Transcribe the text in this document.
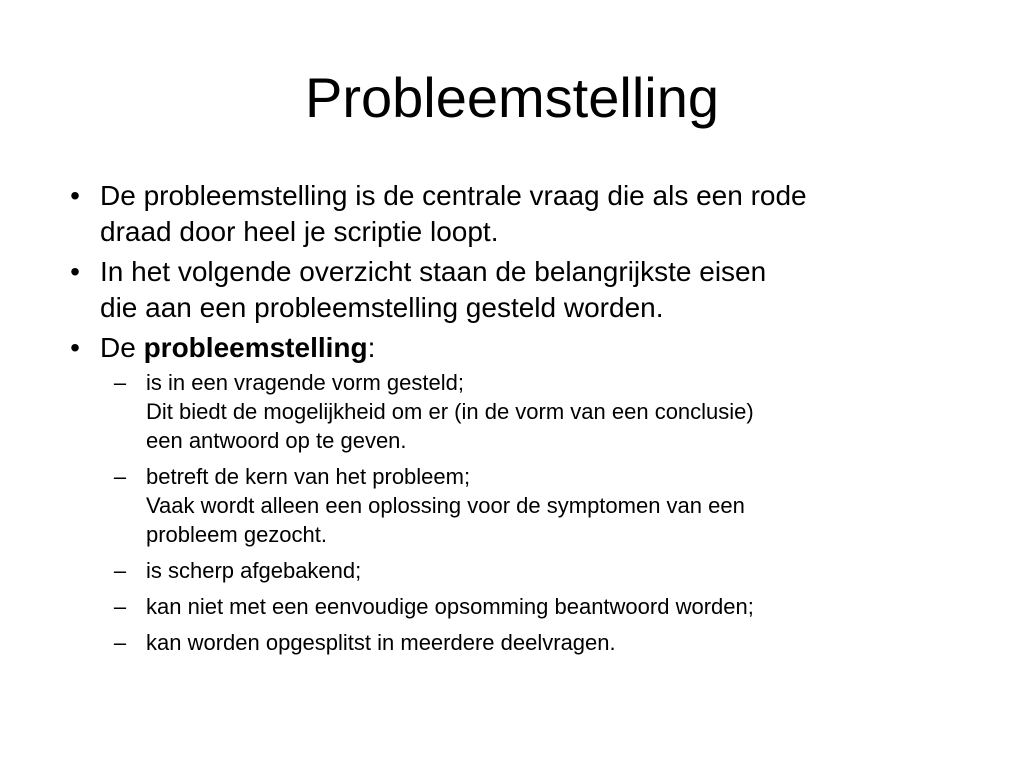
Probleemstelling
• De probleemstelling is de centrale vraag die als een rode
draad door heel je scriptie loopt.
• In het volgende overzicht staan de belangrijkste eisen
die aan een probleemstelling gesteld worden.
• De probleemstelling:
– is in een vragende vorm gesteld;
Dit biedt de mogelijkheid om er (in de vorm van een conclusie)
een antwoord op te geven.
– betreft de kern van het probleem;
Vaak wordt alleen een oplossing voor de symptomen van een
probleem gezocht.
– is scherp afgebakend;
– kan niet met een eenvoudige opsomming beantwoord worden;
– kan worden opgesplitst in meerdere deelvragen.
